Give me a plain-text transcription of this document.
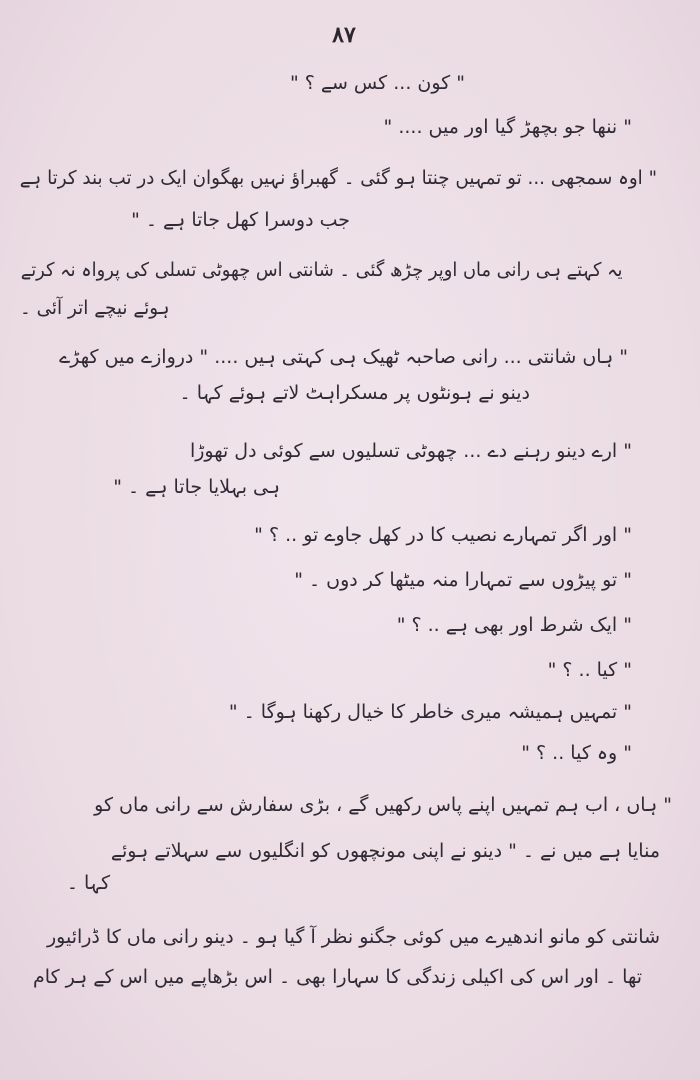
۸۷
" کون ... کس سے ؟ "
" ننھا جو بچھڑ گیا اور میں .... "
" اوہ سمجھی ... تو تمہیں چنتا ہو گئی ۔ گھبراؤ نہیں بھگوان ایک در تب بند کرتا ہے
جب دوسرا کھل جاتا ہے ۔ "
یہ کہتے ہی رانی ماں اوپر چڑھ گئی ۔ شانتی اس چھوٹی تسلی کی پرواہ نہ کرتے
ہوئے نیچے اتر آئی ۔
" ہاں شانتی ... رانی صاحبہ ٹھیک ہی کہتی ہیں .... " دروازے میں کھڑے
دینو نے ہونٹوں پر مسکراہٹ لاتے ہوئے کہا ۔
" ارے دینو رہنے دے ... چھوٹی تسلیوں سے کوئی دل تھوڑا
ہی بہلایا جاتا ہے ۔ "
" اور اگر تمہارے نصیب کا در کھل جاوے تو .. ؟ "
" تو پیڑوں سے تمہارا منہ میٹھا کر دوں ۔ "
" ایک شرط اور بھی ہے .. ؟ "
" کیا .. ؟ "
" تمہیں ہمیشہ میری خاطر کا خیال رکھنا ہوگا ۔ "
" وہ کیا .. ؟ "
" ہاں ، اب ہم تمہیں اپنے پاس رکھیں گے ، بڑی سفارش سے رانی ماں کو
منایا ہے میں نے ۔ " دینو نے اپنی مونچھوں کو انگلیوں سے سہلاتے ہوئے
کہا ۔
شانتی کو مانو اندھیرے میں کوئی جگنو نظر آ گیا ہو ۔ دینو رانی ماں کا ڈرائیور
تھا ۔ اور اس کی اکیلی زندگی کا سہارا بھی ۔ اس بڑھاپے میں اس کے ہر کام
